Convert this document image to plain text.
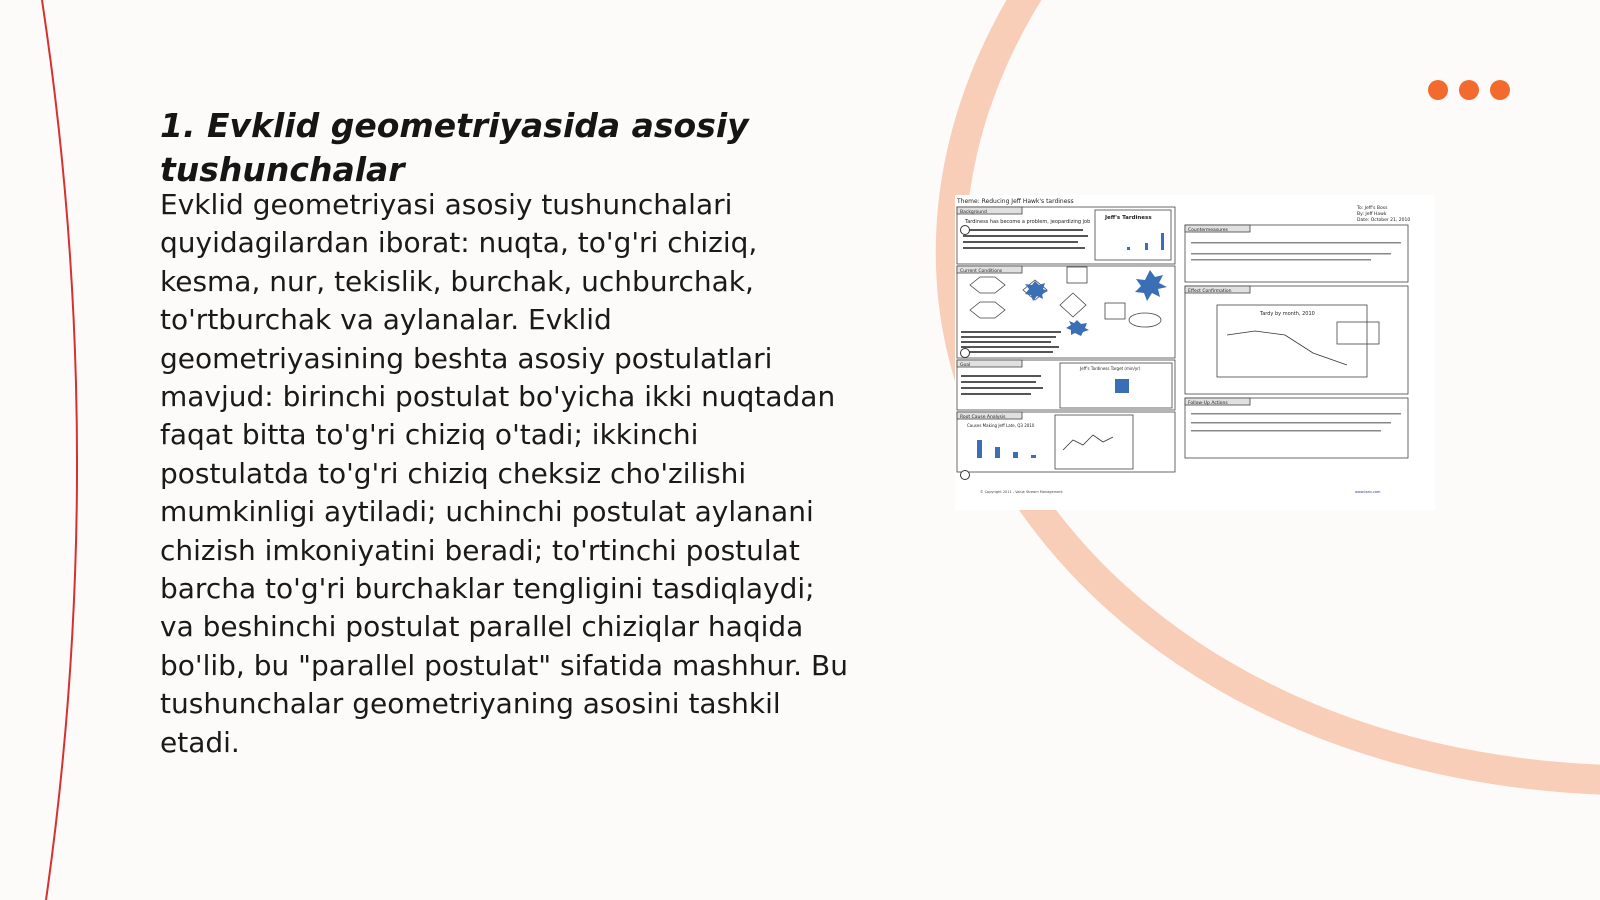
1. Evklid geometriyasida asosiy tushunchalar

Evklid geometriyasi asosiy tushunchalari quyidagilardan iborat: nuqta, to'g'ri chiziq, kesma, nur, tekislik, burchak, uchburchak, to'rtburchak va aylanalar. Evklid geometriyasining beshta asosiy postulatlari mavjud: birinchi postulat bo'yicha ikki nuqtadan faqat bitta to'g'ri chiziq o'tadi; ikkinchi postulatda to'g'ri chiziq cheksiz cho'zilishi mumkinligi aytiladi; uchinchi postulat aylanani chizish imkoniyatini beradi; to'rtinchi postulat barcha to'g'ri burchaklar tengligini tasdiqlaydi; va beshinchi postulat parallel chiziqlar haqida bo'lib, bu "parallel postulat" sifatida mashhur. Bu tushunchalar geometriyaning asosini tashkil etadi.

Theme: Reducing Jeff Hawk's tardiness
To: Jeff's Boss
By: Jeff Hawk
Date: October 21, 2010
Background
Tardiness has become a problem, jeopardizing job
Jeff's Tardiness
Current Conditions
Goal
Jeff's Tardiness Target (min/yr)
Root Cause Analysis
Causes Making Jeff Late, Q3 2010
Countermeasures
Effect Confirmation
Tardy by month, 2010
Follow-Up Actions
© Copyright 2011 - Value Stream Management	www.lean.com
